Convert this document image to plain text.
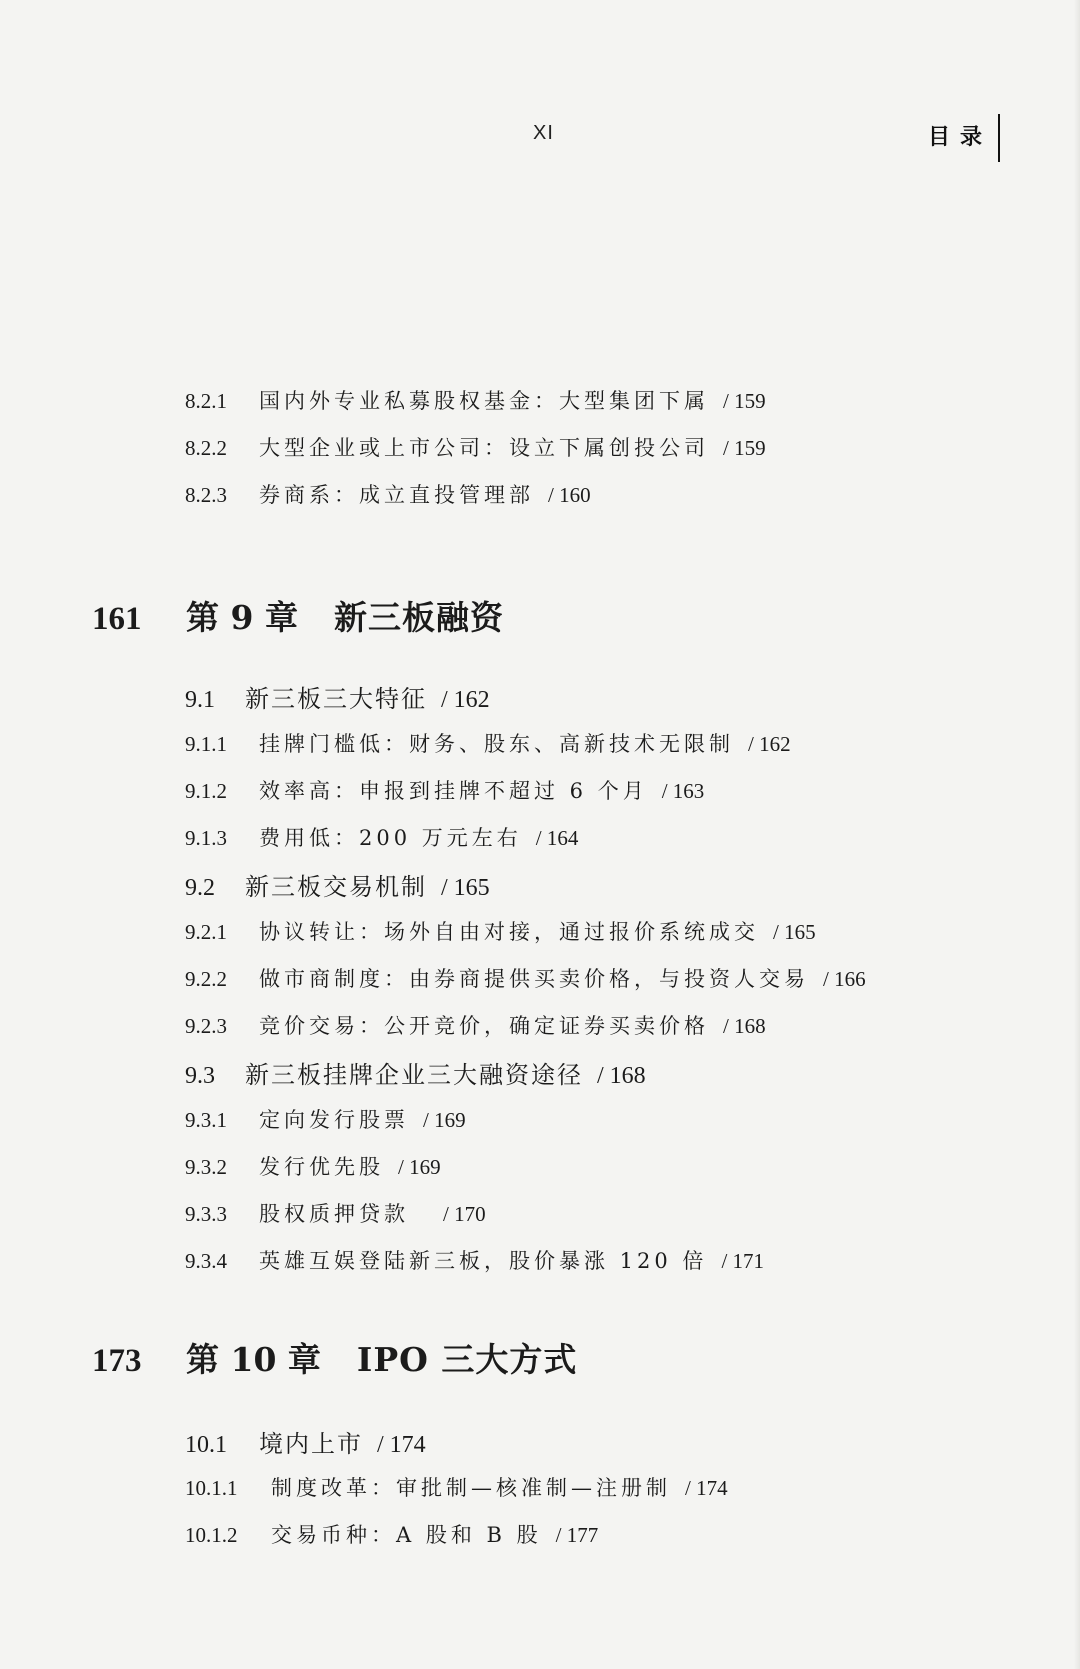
XI	目录
8.2.1 国内外专业私募股权基金：大型集团下属 / 159
8.2.2 大型企业或上市公司：设立下属创投公司 / 159
8.2.3 券商系：成立直投管理部 / 160
161 第 9 章 新三板融资
9.1 新三板三大特征 / 162
9.1.1 挂牌门槛低：财务、股东、高新技术无限制 / 162
9.1.2 效率高：申报到挂牌不超过 6 个月 / 163
9.1.3 费用低：200 万元左右 / 164
9.2 新三板交易机制 / 165
9.2.1 协议转让：场外自由对接，通过报价系统成交 / 165
9.2.2 做市商制度：由券商提供买卖价格，与投资人交易 / 166
9.2.3 竞价交易：公开竞价，确定证券买卖价格 / 168
9.3 新三板挂牌企业三大融资途径 / 168
9.3.1 定向发行股票 / 169
9.3.2 发行优先股 / 169
9.3.3 股权质押贷款 / 170
9.3.4 英雄互娱登陆新三板，股价暴涨 120 倍 / 171
173 第 10 章 IPO 三大方式
10.1 境内上市 / 174
10.1.1 制度改革：审批制—核准制—注册制 / 174
10.1.2 交易币种：A 股和 B 股 / 177
